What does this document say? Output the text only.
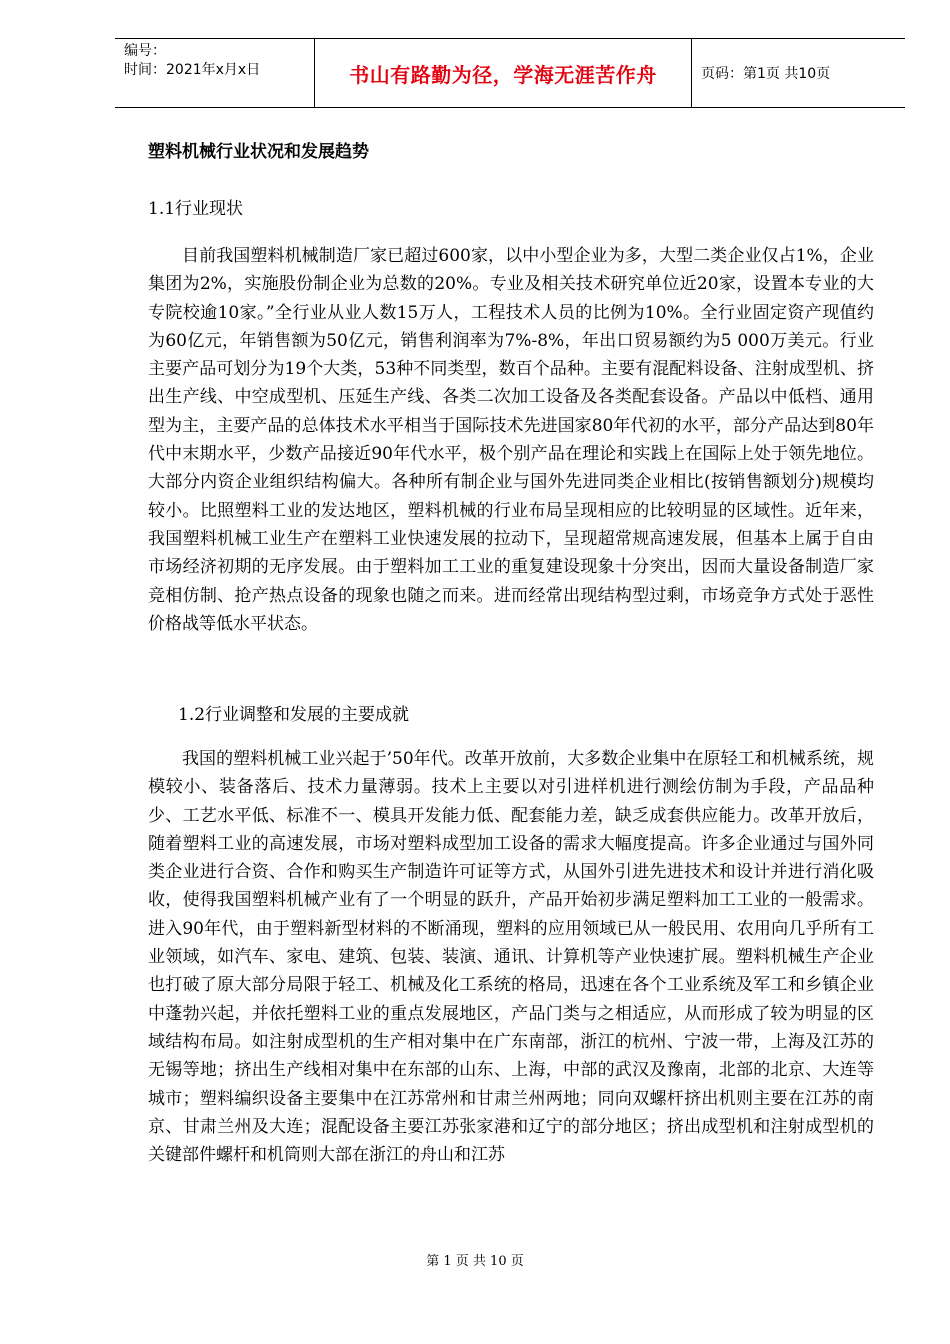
编号：
时间：2021年x月x日	书山有路勤为径，学海无涯苦作舟	页码：第1页 共10页
塑料机械行业状况和发展趋势
1.1行业现状

目前我国塑料机械制造厂家已超过600家，以中小型企业为多，大型二类企业仅占1%，企业集团为2%，实施股份制企业为总数的20%。专业及相关技术研究单位近20家，设置本专业的大专院校逾10家。”全行业从业人数15万人，工程技术人员的比例为10%。全行业固定资产现值约为60亿元，年销售额为50亿元，销售利润率为7%-8%，年出口贸易额约为5 000万美元。行业主要产品可划分为19个大类，53种不同类型，数百个品种。主要有混配料设备、注射成型机、挤出生产线、中空成型机、压延生产线、各类二次加工设备及各类配套设备。产品以中低档、通用型为主，主要产品的总体技术水平相当于国际技术先进国家80年代初的水平，部分产品达到80年代中末期水平，少数产品接近90年代水平，极个别产品在理论和实践上在国际上处于领先地位。大部分内资企业组织结构偏大。各种所有制企业与国外先进同类企业相比(按销售额划分)规模均较小。比照塑料工业的发达地区，塑料机械的行业布局呈现相应的比较明显的区域性。近年来，我国塑料机械工业生产在塑料工业快速发展的拉动下，呈现超常规高速发展，但基本上属于自由市场经济初期的无序发展。由于塑料加工工业的重复建设现象十分突出，因而大量设备制造厂家竞相仿制、抢产热点设备的现象也随之而来。进而经常出现结构型过剩，市场竞争方式处于恶性价格战等低水平状态。

1.2行业调整和发展的主要成就

我国的塑料机械工业兴起于’50年代。改革开放前，大多数企业集中在原轻工和机械系统，规模较小、装备落后、技术力量薄弱。技术上主要以对引进样机进行测绘仿制为手段，产品品种少、工艺水平低、标准不一、模具开发能力低、配套能力差，缺乏成套供应能力。改革开放后，随着塑料工业的高速发展，市场对塑料成型加工设备的需求大幅度提高。许多企业通过与国外同类企业进行合资、合作和购买生产制造许可证等方式，从国外引进先进技术和设计并进行消化吸收，使得我国塑料机械产业有了一个明显的跃升，产品开始初步满足塑料加工工业的一般需求。进入90年代，由于塑料新型材料的不断涌现，塑料的应用领域已从一般民用、农用向几乎所有工业领域，如汽车、家电、建筑、包装、装演、通讯、计算机等产业快速扩展。塑料机械生产企业也打破了原大部分局限于轻工、机械及化工系统的格局，迅速在各个工业系统及军工和乡镇企业中蓬勃兴起，并依托塑料工业的重点发展地区，产品门类与之相适应，从而形成了较为明显的区域结构布局。如注射成型机的生产相对集中在广东南部，浙江的杭州、宁波一带，上海及江苏的无锡等地；挤出生产线相对集中在东部的山东、上海，中部的武汉及豫南，北部的北京、大连等城市；塑料编织设备主要集中在江苏常州和甘肃兰州两地；同向双螺杆挤出机则主要在江苏的南京、甘肃兰州及大连；混配设备主要江苏张家港和辽宁的部分地区；挤出成型机和注射成型机的关键部件螺杆和机筒则大部在浙江的舟山和江苏

第 1 页 共 10 页
